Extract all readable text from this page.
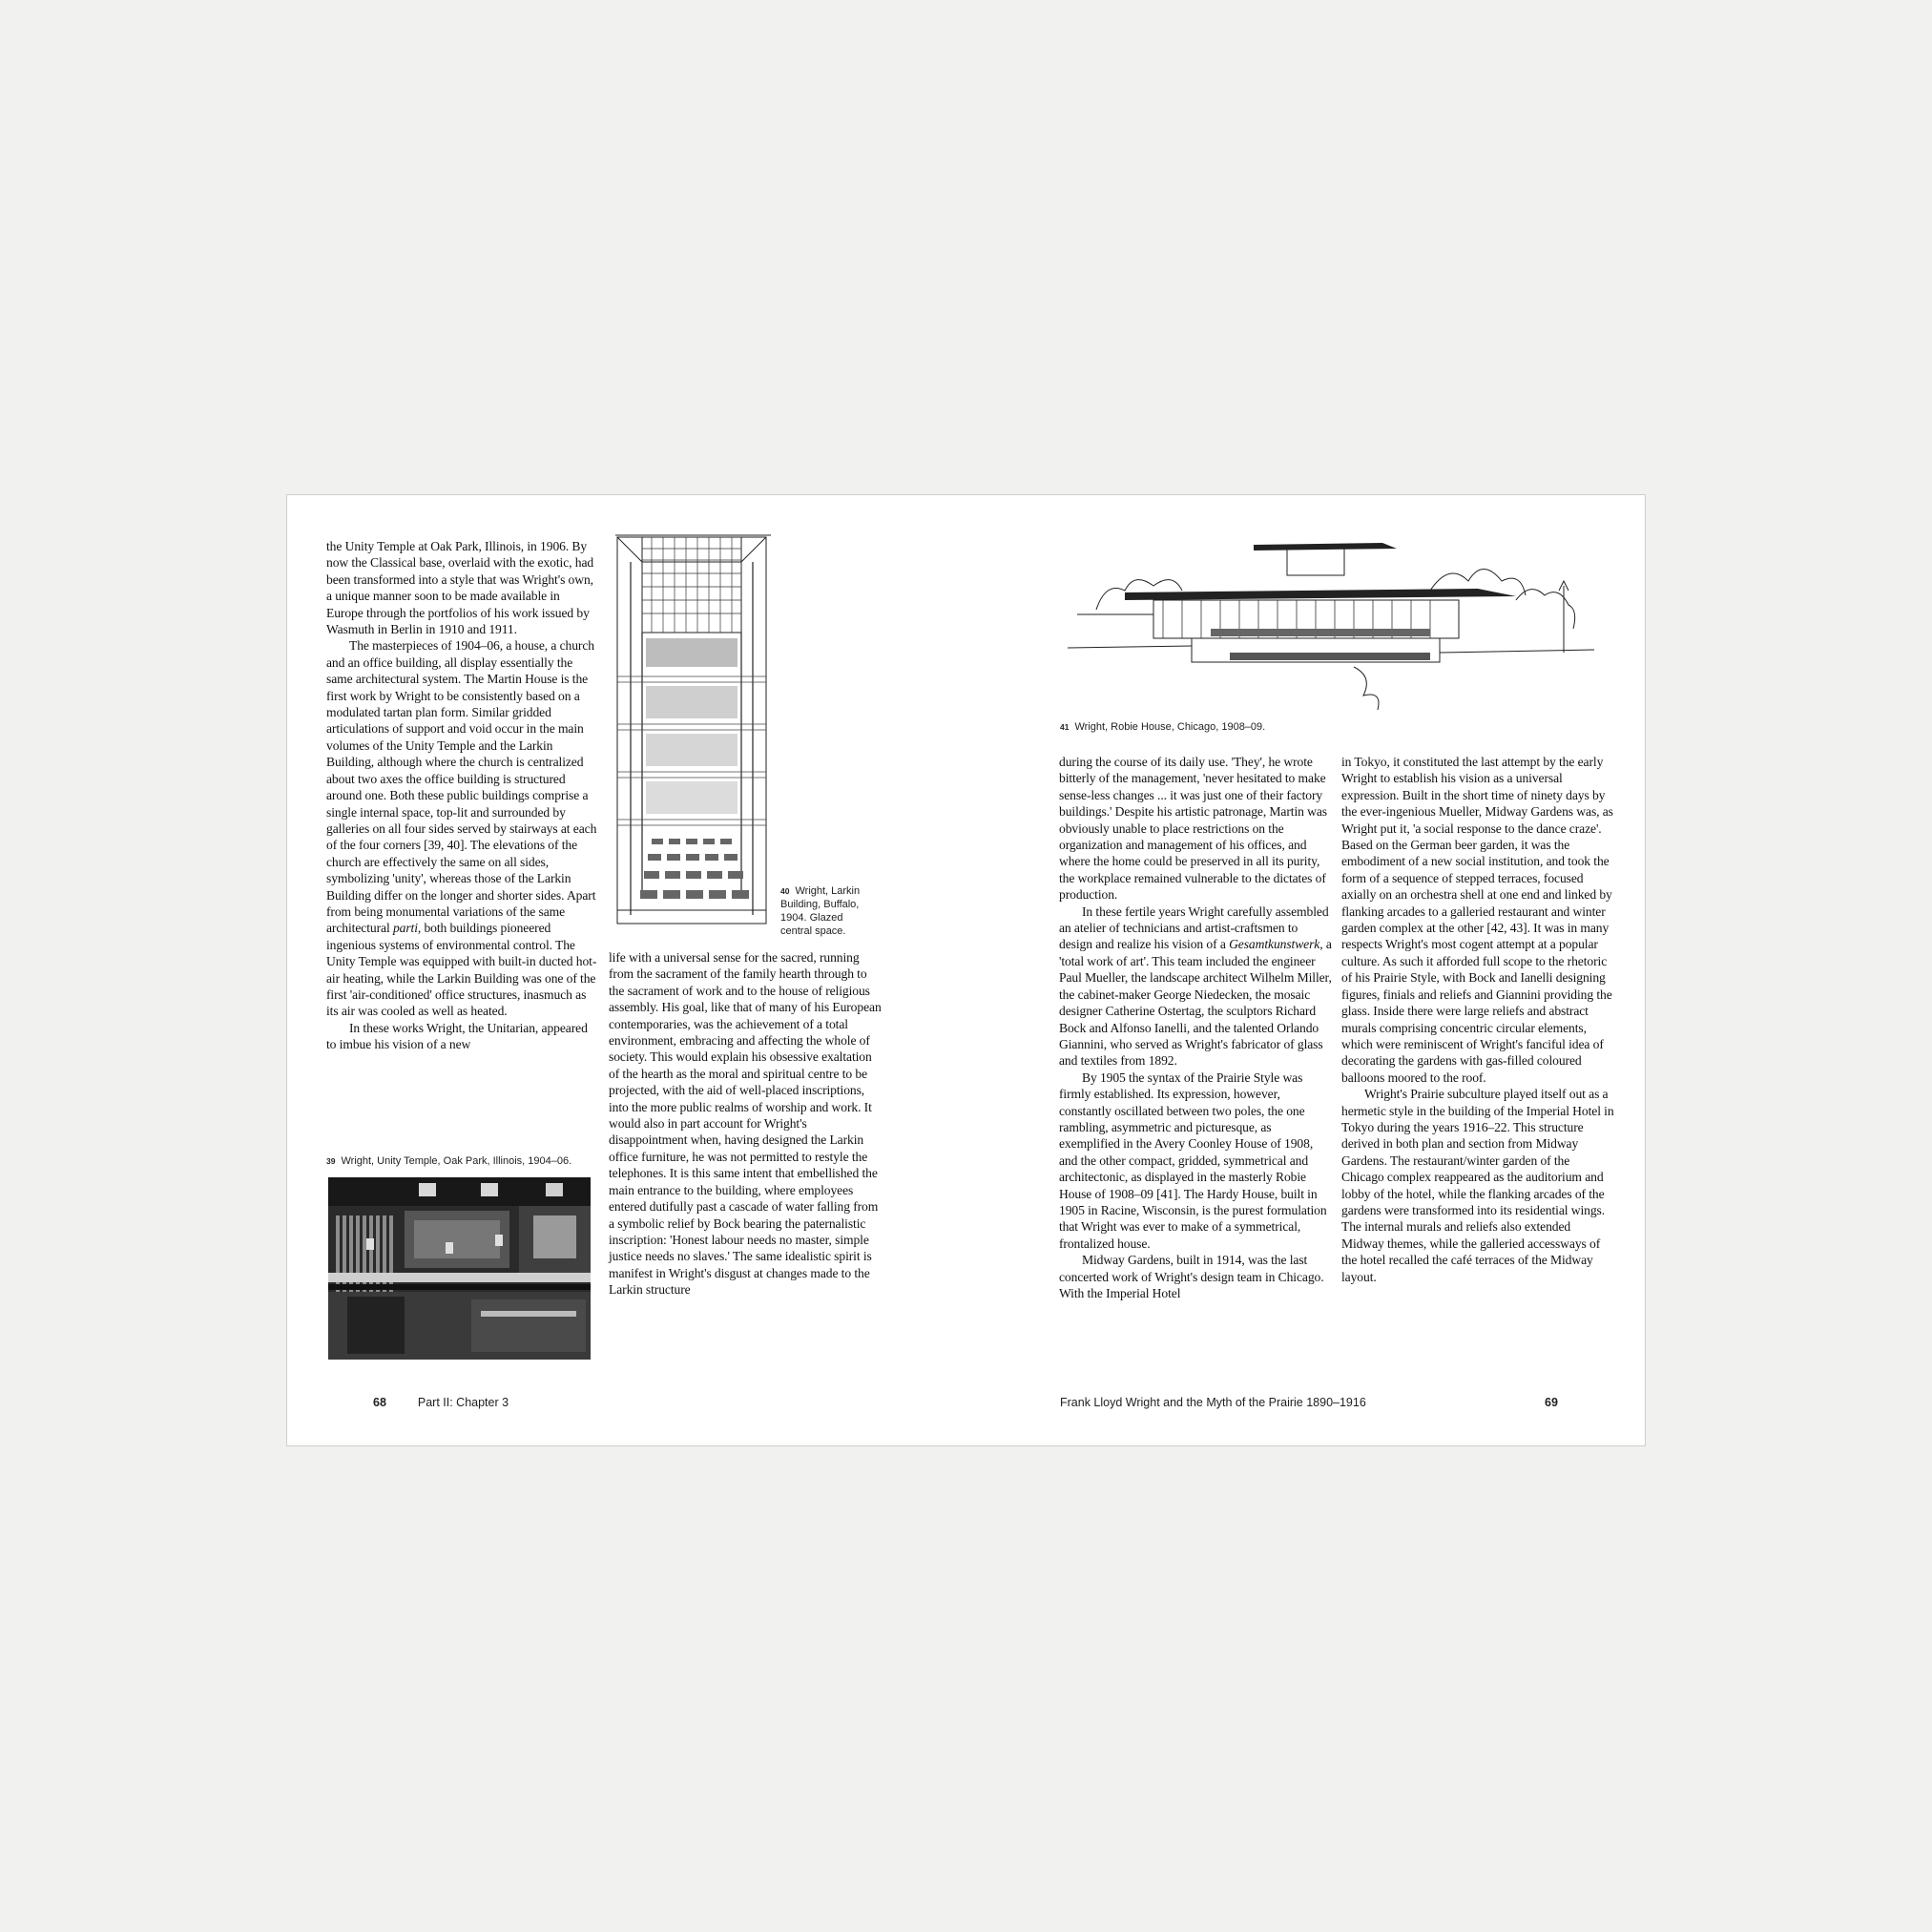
the Unity Temple at Oak Park, Illinois, in 1906. By now the Classical base, overlaid with the exotic, had been transformed into a style that was Wright's own, a unique manner soon to be made available in Europe through the portfolios of his work issued by Wasmuth in Berlin in 1910 and 1911.

The masterpieces of 1904–06, a house, a church and an office building, all display essentially the same architectural system. The Martin House is the first work by Wright to be consistently based on a modulated tartan plan form. Similar gridded articulations of support and void occur in the main volumes of the Unity Temple and the Larkin Building, although where the church is centralized about two axes the office building is structured around one. Both these public buildings comprise a single internal space, top-lit and surrounded by galleries on all four sides served by stairways at each of the four corners [39, 40]. The elevations of the church are effectively the same on all sides, symbolizing 'unity', whereas those of the Larkin Building differ on the longer and shorter sides. Apart from being monumental variations of the same architectural parti, both buildings pioneered ingenious systems of environmental control. The Unity Temple was equipped with built-in ducted hot-air heating, while the Larkin Building was one of the first 'air-conditioned' office structures, inasmuch as its air was cooled as well as heated.

In these works Wright, the Unitarian, appeared to imbue his vision of a new

39 Wright, Unity Temple, Oak Park, Illinois, 1904–06.
40 Wright, Larkin
Building, Buffalo,
1904. Glazed
central space.

life with a universal sense for the sacred, running from the sacrament of the family hearth through to the sacrament of work and to the house of religious assembly. His goal, like that of many of his European contemporaries, was the achievement of a total environment, embracing and affecting the whole of society. This would explain his obsessive exaltation of the hearth as the moral and spiritual centre to be projected, with the aid of well-placed inscriptions, into the more public realms of worship and work. It would also in part account for Wright's disappointment when, having designed the Larkin office furniture, he was not permitted to restyle the telephones. It is this same intent that embellished the main entrance to the building, where employees entered dutifully past a cascade of water falling from a symbolic relief by Bock bearing the paternalistic inscription: 'Honest labour needs no master, simple justice needs no slaves.' The same idealistic spirit is manifest in Wright's disgust at changes made to the Larkin structure

68	Part II: Chapter 3
41 Wright, Robie House, Chicago, 1908–09.

during the course of its daily use. 'They', he wrote bitterly of the management, 'never hesitated to make sense-less changes ... it was just one of their factory buildings.' Despite his artistic patronage, Martin was obviously unable to place restrictions on the organization and management of his offices, and where the home could be preserved in all its purity, the workplace remained vulnerable to the dictates of production.

In these fertile years Wright carefully assembled an atelier of technicians and artist-craftsmen to design and realize his vision of a Gesamtkunstwerk, a 'total work of art'. This team included the engineer Paul Mueller, the landscape architect Wilhelm Miller, the cabinet-maker George Niedecken, the mosaic designer Catherine Ostertag, the sculptors Richard Bock and Alfonso Ianelli, and the talented Orlando Giannini, who served as Wright's fabricator of glass and textiles from 1892.

By 1905 the syntax of the Prairie Style was firmly established. Its expression, however, constantly oscillated between two poles, the one rambling, asymmetric and picturesque, as exemplified in the Avery Coonley House of 1908, and the other compact, gridded, symmetrical and architectonic, as displayed in the masterly Robie House of 1908–09 [41]. The Hardy House, built in 1905 in Racine, Wisconsin, is the purest formulation that Wright was ever to make of a symmetrical, frontalized house.

Midway Gardens, built in 1914, was the last concerted work of Wright's design team in Chicago. With the Imperial Hotel

in Tokyo, it constituted the last attempt by the early Wright to establish his vision as a universal expression. Built in the short time of ninety days by the ever-ingenious Mueller, Midway Gardens was, as Wright put it, 'a social response to the dance craze'. Based on the German beer garden, it was the embodiment of a new social institution, and took the form of a sequence of stepped terraces, focused axially on an orchestra shell at one end and linked by flanking arcades to a galleried restaurant and winter garden complex at the other [42, 43]. It was in many respects Wright's most cogent attempt at a popular culture. As such it afforded full scope to the rhetoric of his Prairie Style, with Bock and Ianelli designing figures, finials and reliefs and Giannini providing the glass. Inside there were large reliefs and abstract murals comprising concentric circular elements, which were reminiscent of Wright's fanciful idea of decorating the gardens with gas-filled coloured balloons moored to the roof.

Wright's Prairie subculture played itself out as a hermetic style in the building of the Imperial Hotel in Tokyo during the years 1916–22. This structure derived in both plan and section from Midway Gardens. The restaurant/winter garden of the Chicago complex reappeared as the auditorium and lobby of the hotel, while the flanking arcades of the gardens were transformed into its residential wings. The internal murals and reliefs also extended Midway themes, while the galleried accessways of the hotel recalled the café terraces of the Midway layout.

Frank Lloyd Wright and the Myth of the Prairie 1890–1916	69
